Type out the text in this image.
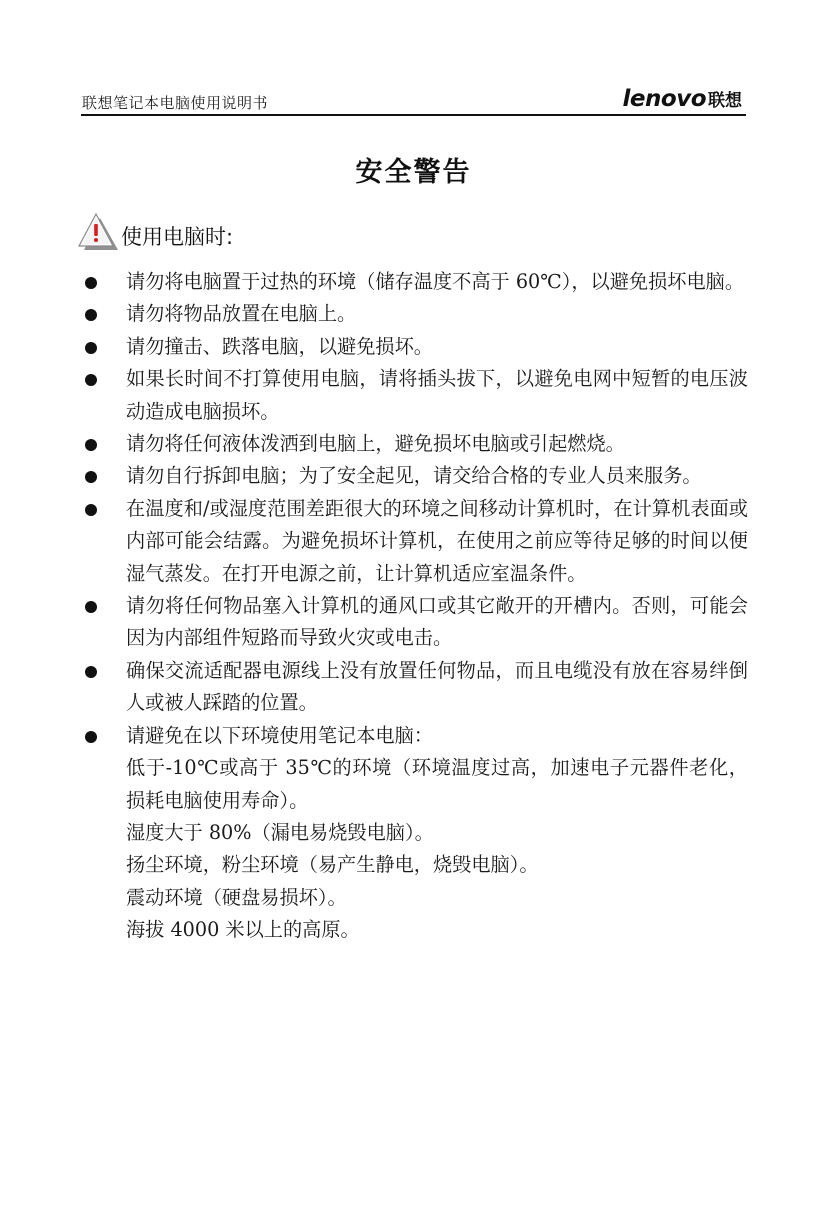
联想笔记本电脑使用说明书	lenovo 联想
安全警告
使用电脑时:
请勿将电脑置于过热的环境（储存温度不高于 60℃），以避免损坏电脑。
请勿将物品放置在电脑上。
请勿撞击、跌落电脑，以避免损坏。
如果长时间不打算使用电脑，请将插头拔下，以避免电网中短暂的电压波动造成电脑损坏。
请勿将任何液体泼洒到电脑上，避免损坏电脑或引起燃烧。
请勿自行拆卸电脑；为了安全起见，请交给合格的专业人员来服务。
在温度和/或湿度范围差距很大的环境之间移动计算机时，在计算机表面或内部可能会结露。为避免损坏计算机，在使用之前应等待足够的时间以便湿气蒸发。在打开电源之前，让计算机适应室温条件。
请勿将任何物品塞入计算机的通风口或其它敞开的开槽内。否则，可能会因为内部组件短路而导致火灾或电击。
确保交流适配器电源线上没有放置任何物品，而且电缆没有放在容易绊倒人或被人踩踏的位置。
请避免在以下环境使用笔记本电脑：
低于-10℃或高于 35℃的环境（环境温度过高，加速电子元器件老化，损耗电脑使用寿命）。
湿度大于 80%（漏电易烧毁电脑）。
扬尘环境，粉尘环境（易产生静电，烧毁电脑）。
震动环境（硬盘易损坏）。
海拔 4000 米以上的高原。
